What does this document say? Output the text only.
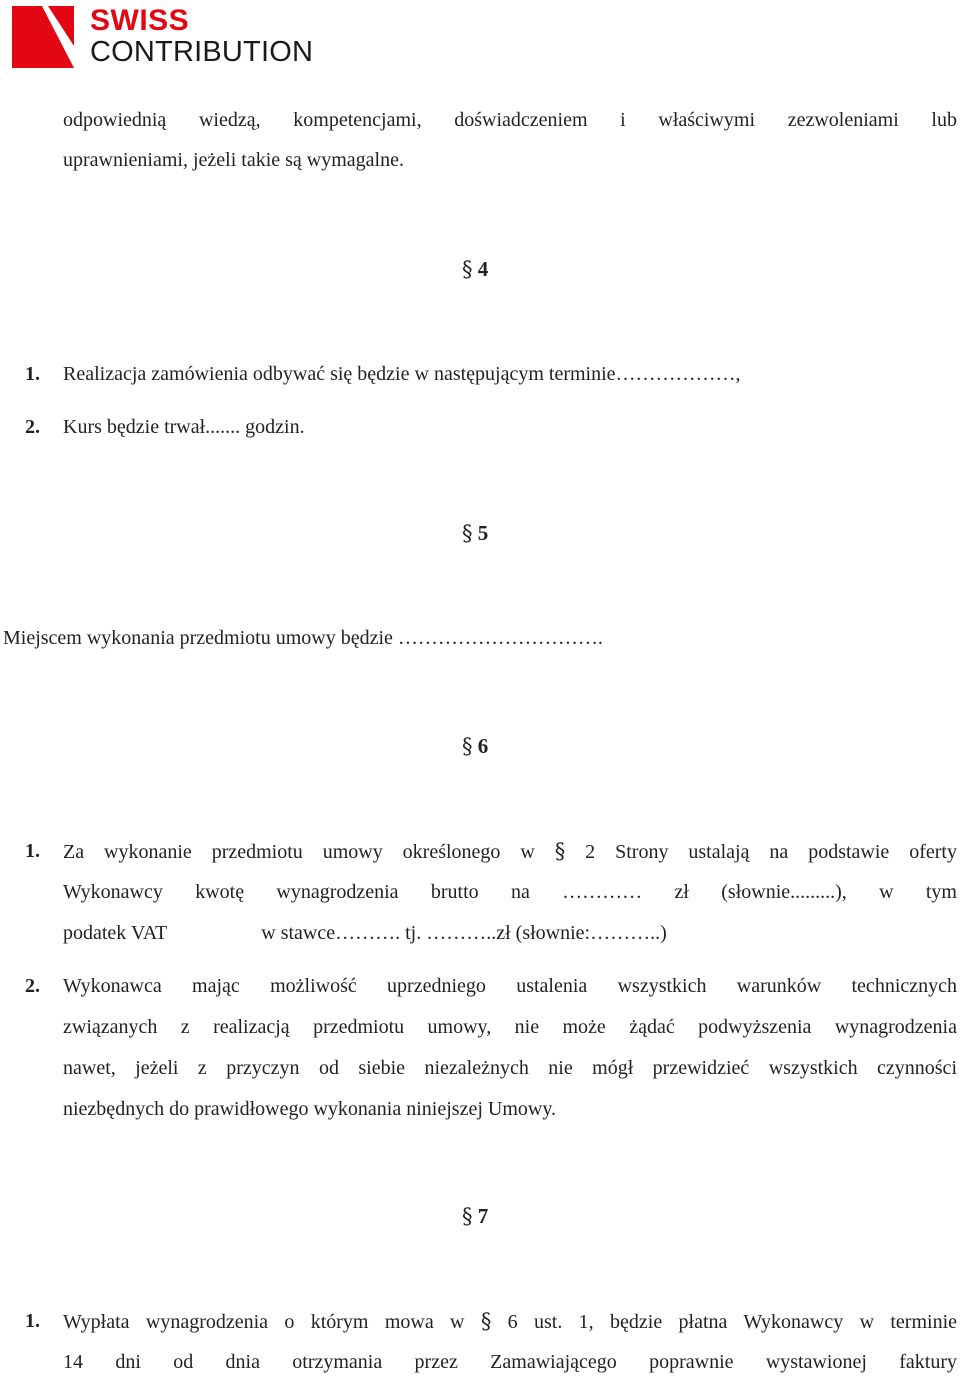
SWISS
CONTRIBUTION
odpowiednią wiedzą, kompetencjami, doświadczeniem i właściwymi zezwoleniami lub
uprawnieniami, jeżeli takie są wymagalne.
§ 4
1. Realizacja zamówienia odbywać się będzie w następującym terminie………………,
2. Kurs będzie trwał....... godzin.
§ 5
Miejscem wykonania przedmiotu umowy będzie ………………………….
§ 6
1. Za wykonanie przedmiotu umowy określonego w § 2 Strony ustalają na podstawie oferty
Wykonawcy kwotę wynagrodzenia brutto na ………… zł (słownie.........), w tym
podatek VAT	w stawce………. tj. ………..zł (słownie:………..)
2. Wykonawca mając możliwość uprzedniego ustalenia wszystkich warunków technicznych
związanych z realizacją przedmiotu umowy, nie może żądać podwyższenia wynagrodzenia
nawet, jeżeli z przyczyn od siebie niezależnych nie mógł przewidzieć wszystkich czynności
niezbędnych do prawidłowego wykonania niniejszej Umowy.
§ 7
1. Wypłata wynagrodzenia o którym mowa w § 6 ust. 1, będzie płatna Wykonawcy w terminie
14 dni od dnia otrzymania przez Zamawiającego poprawnie wystawionej faktury
